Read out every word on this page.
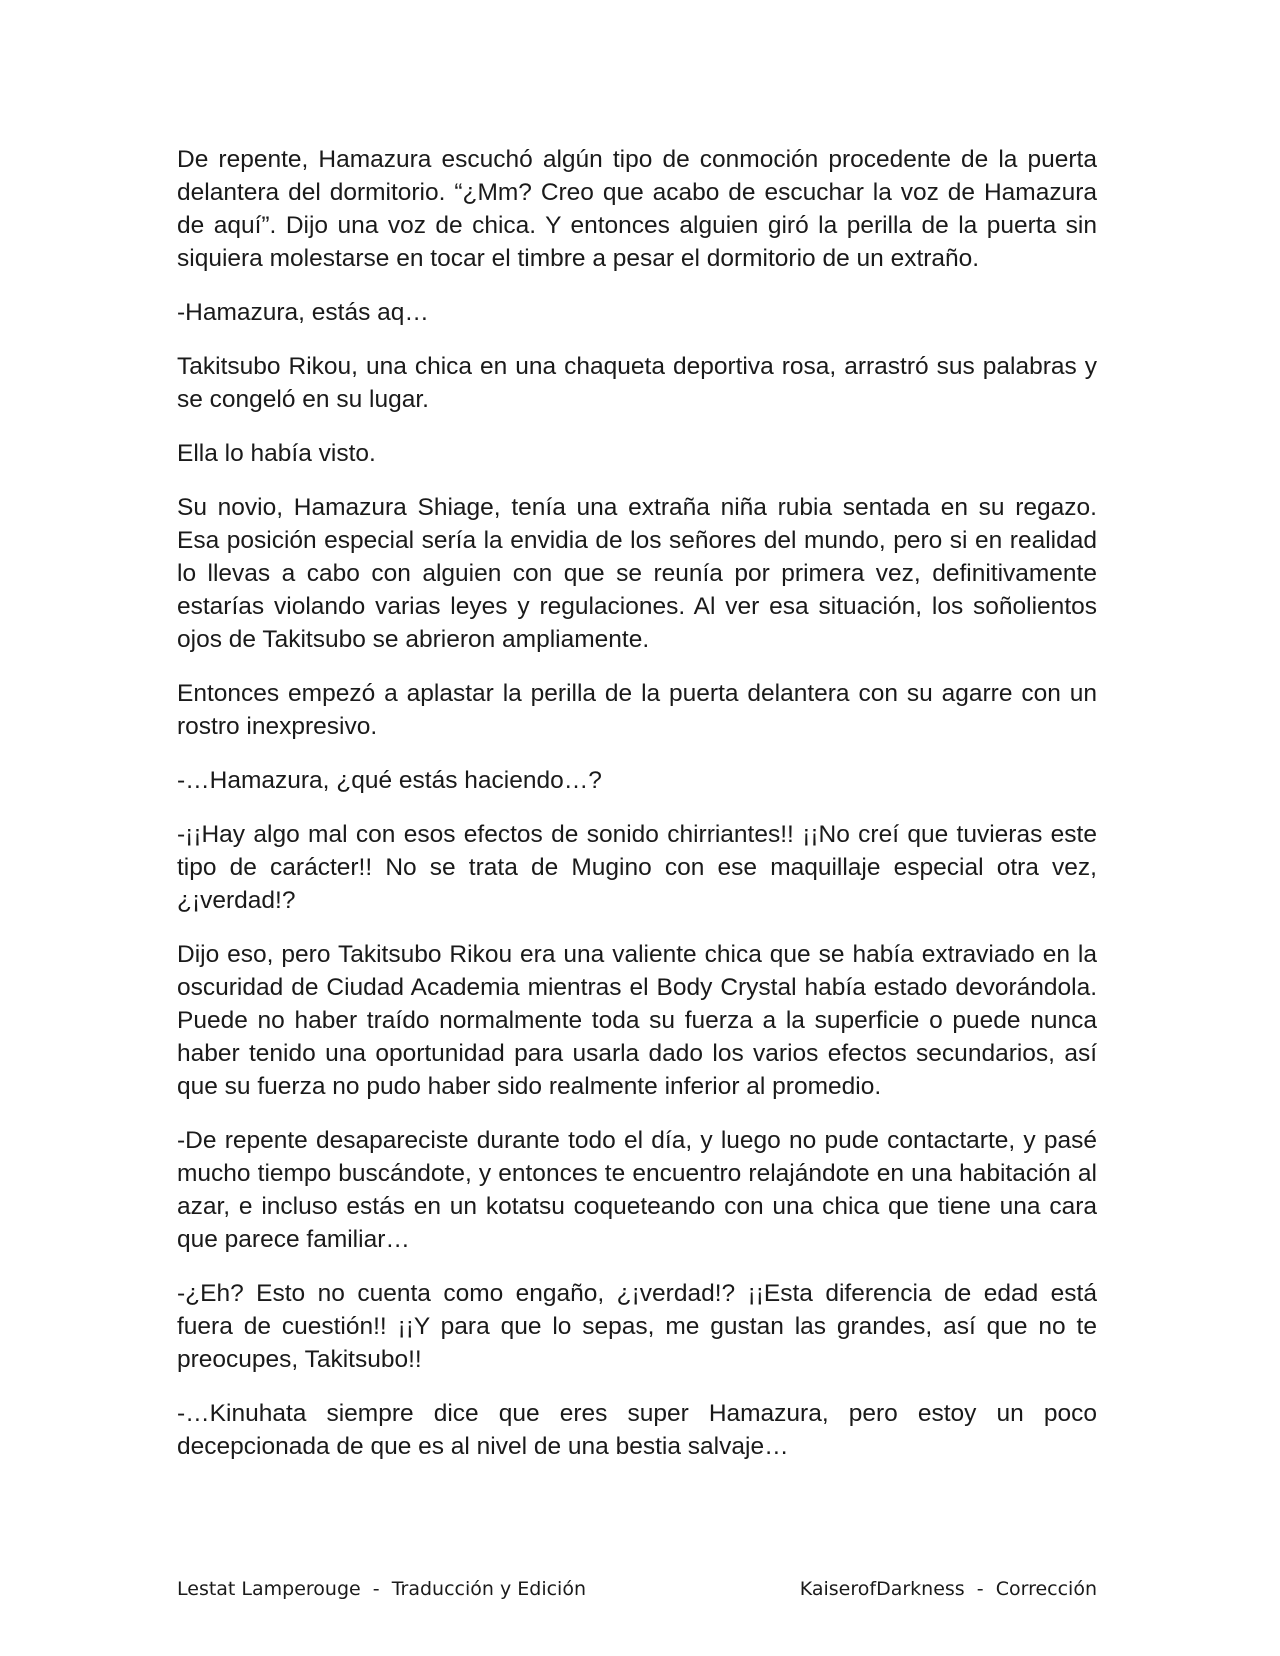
De repente, Hamazura escuchó algún tipo de conmoción procedente de la puerta delantera del dormitorio. “¿Mm? Creo que acabo de escuchar la voz de Hamazura de aquí”. Dijo una voz de chica. Y entonces alguien giró la perilla de la puerta sin siquiera molestarse en tocar el timbre a pesar el dormitorio de un extraño.

-Hamazura, estás aq…

Takitsubo Rikou, una chica en una chaqueta deportiva rosa, arrastró sus palabras y se congeló en su lugar.

Ella lo había visto.

Su novio, Hamazura Shiage, tenía una extraña niña rubia sentada en su regazo. Esa posición especial sería la envidia de los señores del mundo, pero si en realidad lo llevas a cabo con alguien con que se reunía por primera vez, definitivamente estarías violando varias leyes y regulaciones. Al ver esa situación, los soñolientos ojos de Takitsubo se abrieron ampliamente.

Entonces empezó a aplastar la perilla de la puerta delantera con su agarre con un rostro inexpresivo.

-…Hamazura, ¿qué estás haciendo…?

-¡¡Hay algo mal con esos efectos de sonido chirriantes!! ¡¡No creí que tuvieras este tipo de carácter!! No se trata de Mugino con ese maquillaje especial otra vez, ¿¡verdad!?

Dijo eso, pero Takitsubo Rikou era una valiente chica que se había extraviado en la oscuridad de Ciudad Academia mientras el Body Crystal había estado devorándola. Puede no haber traído normalmente toda su fuerza a la superficie o puede nunca haber tenido una oportunidad para usarla dado los varios efectos secundarios, así que su fuerza no pudo haber sido realmente inferior al promedio.

-De repente desapareciste durante todo el día, y luego no pude contactarte, y pasé mucho tiempo buscándote, y entonces te encuentro relajándote en una habitación al azar, e incluso estás en un kotatsu coqueteando con una chica que tiene una cara que parece familiar…

-¿Eh? Esto no cuenta como engaño, ¿¡verdad!? ¡¡Esta diferencia de edad está fuera de cuestión!! ¡¡Y para que lo sepas, me gustan las grandes, así que no te preocupes, Takitsubo!!

-…Kinuhata siempre dice que eres super Hamazura, pero estoy un poco decepcionada de que es al nivel de una bestia salvaje…

Lestat Lamperouge  -  Traducción y Edición	KaiserofDarkness  -  Corrección
